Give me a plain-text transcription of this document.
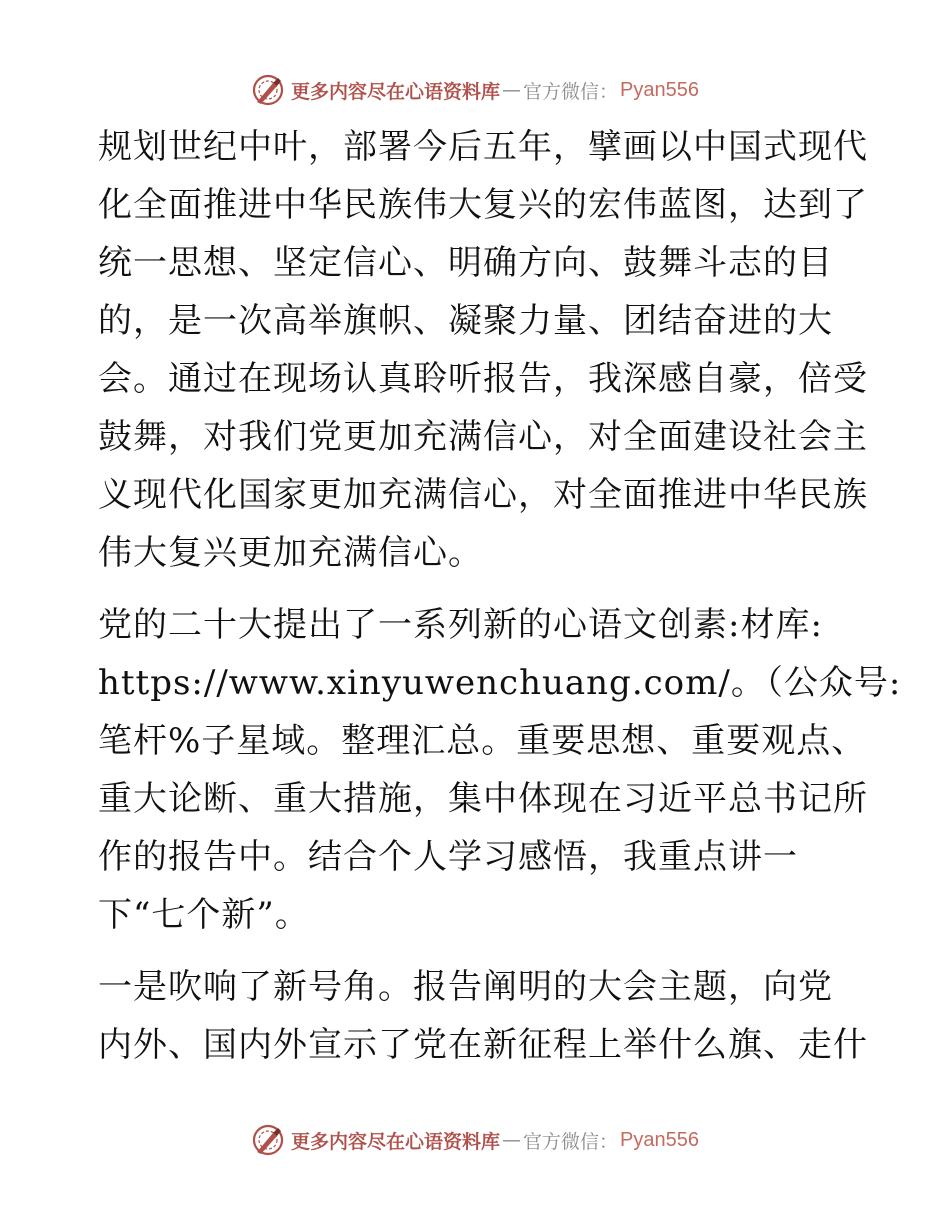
更多内容尽在心语资料库 — 官方微信： Pyan556

规划世纪中叶，部署今后五年，擘画以中国式现代
化全面推进中华民族伟大复兴的宏伟蓝图，达到了
统一思想、坚定信心、明确方向、鼓舞斗志的目
的，是一次高举旗帜、凝聚力量、团结奋进的大
会。通过在现场认真聆听报告，我深感自豪，倍受
鼓舞，对我们党更加充满信心，对全面建设社会主
义现代化国家更加充满信心，对全面推进中华民族
伟大复兴更加充满信心。

党的二十大提出了一系列新的心语文创素:材库:
https://www.xinyuwenchuang.com/。（公众号:
笔杆%子星域。整理汇总。重要思想、重要观点、
重大论断、重大措施，集中体现在习近平总书记所
作的报告中。结合个人学习感悟，我重点讲一
下“七个新”。

一是吹响了新号角。报告阐明的大会主题，向党
内外、国内外宣示了党在新征程上举什么旗、走什

更多内容尽在心语资料库 — 官方微信： Pyan556
